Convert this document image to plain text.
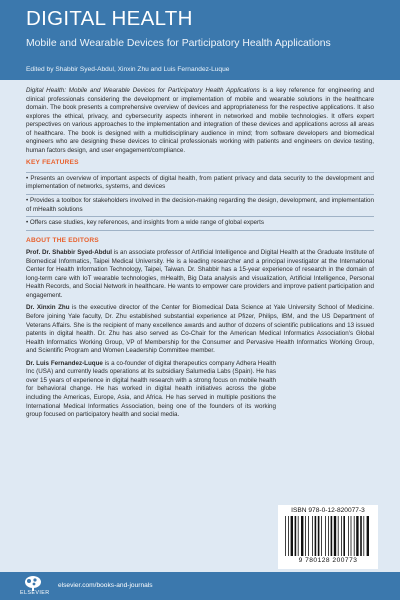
DIGITAL HEALTH
Mobile and Wearable Devices for Participatory Health Applications
Edited by Shabbir Syed-Abdul, Xinxin Zhu and Luis Fernandez-Luque

Digital Health: Mobile and Wearable Devices for Participatory Health Applications is a key reference for engineering and clinical professionals considering the development or implementation of mobile and wearable solutions in the healthcare domain. The book presents a comprehensive overview of devices and appropriateness for the respective applications. It also explores the ethical, privacy, and cybersecurity aspects inherent in networked and mobile technologies. It offers expert perspectives on various approaches to the implementation and integration of these devices and applications across all areas of healthcare. The book is designed with a multidisciplinary audience in mind; from software developers and biomedical engineers who are designing these devices to clinical professionals working with patients and engineers on device testing, human factors design, and user engagement/compliance.

KEY FEATURES
• Presents an overview of important aspects of digital health, from patient privacy and data security to the development and implementation of networks, systems, and devices
• Provides a toolbox for stakeholders involved in the decision-making regarding the design, development, and implementation of mHealth solutions
• Offers case studies, key references, and insights from a wide range of global experts
ABOUT THE EDITORS

Prof. Dr. Shabbir Syed-Abdul is an associate professor of Artificial Intelligence and Digital Health at the Graduate Institute of Biomedical Informatics, Taipei Medical University. He is a leading researcher and a principal investigator at the International Center for Health Information Technology, Taipei, Taiwan. Dr. Shabbir has a 15-year experience of research in the domain of long-term care with IoT wearable technologies, mHealth, Big Data analysis and visualization, Artificial Intelligence, Personal Health Records, and Social Network in healthcare. He wants to empower care providers and improve patient participation and engagement.

Dr. Xinxin Zhu is the executive director of the Center for Biomedical Data Science at Yale University School of Medicine. Before joining Yale faculty, Dr. Zhu established substantial experience at Pfizer, Philips, IBM, and the US Department of Veterans Affairs. She is the recipient of many excellence awards and author of dozens of scientific publications and 13 issued patents in digital health. Dr. Zhu has also served as Co-Chair for the American Medical Informatics Association's Global Health Informatics Working Group, VP of Membership for the Consumer and Pervasive Health Informatics Working Group, and Scientific Program and Women Leadership Committee member.

Dr. Luis Fernandez-Luque is a co-founder of digital therapeutics company Adhera Health Inc (USA) and currently leads operations at its subsidiary Salumedia Labs (Spain). He has over 15 years of experience in digital health research with a strong focus on mobile health for behavioral change. He has worked in digital health initiatives across the globe including the Americas, Europe, Asia, and Africa. He has served in multiple positions the International Medical Informatics Association, being one of the founders of its working group focused on participatory health and social media.

ISBN 978-0-12-820077-3
9 780128 200773
ELSEVIER
elsevier.com/books-and-journals
